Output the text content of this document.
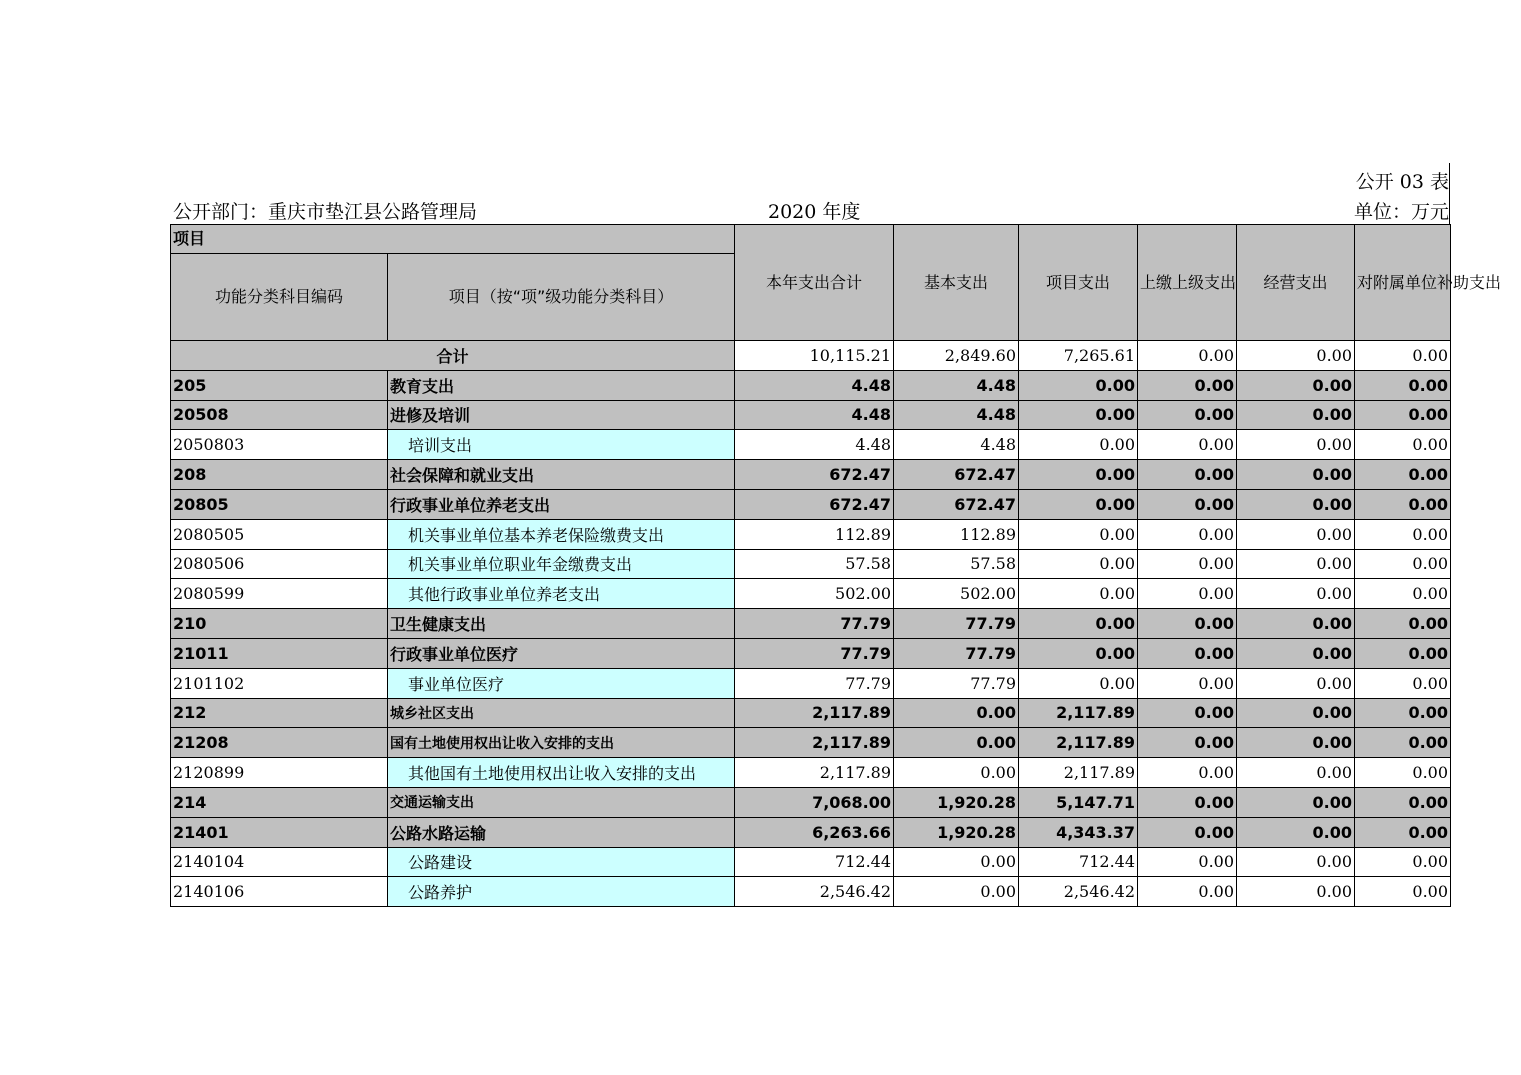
公开 03 表
公开部门：重庆市垫江县公路管理局	2020 年度	单位：万元
项目		本年支出合计	基本支出	项目支出	上缴上级支出	经营支出	对附属单位补助支出
功能分类科目编码	项目（按“项”级功能分类科目）						
合计		10,115.21	2,849.60	7,265.61	0.00	0.00	0.00
205	教育支出	4.48	4.48	0.00	0.00	0.00	0.00
20508	进修及培训	4.48	4.48	0.00	0.00	0.00	0.00
2050803	培训支出	4.48	4.48	0.00	0.00	0.00	0.00
208	社会保障和就业支出	672.47	672.47	0.00	0.00	0.00	0.00
20805	行政事业单位养老支出	672.47	672.47	0.00	0.00	0.00	0.00
2080505	机关事业单位基本养老保险缴费支出	112.89	112.89	0.00	0.00	0.00	0.00
2080506	机关事业单位职业年金缴费支出	57.58	57.58	0.00	0.00	0.00	0.00
2080599	其他行政事业单位养老支出	502.00	502.00	0.00	0.00	0.00	0.00
210	卫生健康支出	77.79	77.79	0.00	0.00	0.00	0.00
21011	行政事业单位医疗	77.79	77.79	0.00	0.00	0.00	0.00
2101102	事业单位医疗	77.79	77.79	0.00	0.00	0.00	0.00
212	城乡社区支出	2,117.89	0.00	2,117.89	0.00	0.00	0.00
21208	国有土地使用权出让收入安排的支出	2,117.89	0.00	2,117.89	0.00	0.00	0.00
2120899	其他国有土地使用权出让收入安排的支出	2,117.89	0.00	2,117.89	0.00	0.00	0.00
214	交通运输支出	7,068.00	1,920.28	5,147.71	0.00	0.00	0.00
21401	公路水路运输	6,263.66	1,920.28	4,343.37	0.00	0.00	0.00
2140104	公路建设	712.44	0.00	712.44	0.00	0.00	0.00
2140106	公路养护	2,546.42	0.00	2,546.42	0.00	0.00	0.00
